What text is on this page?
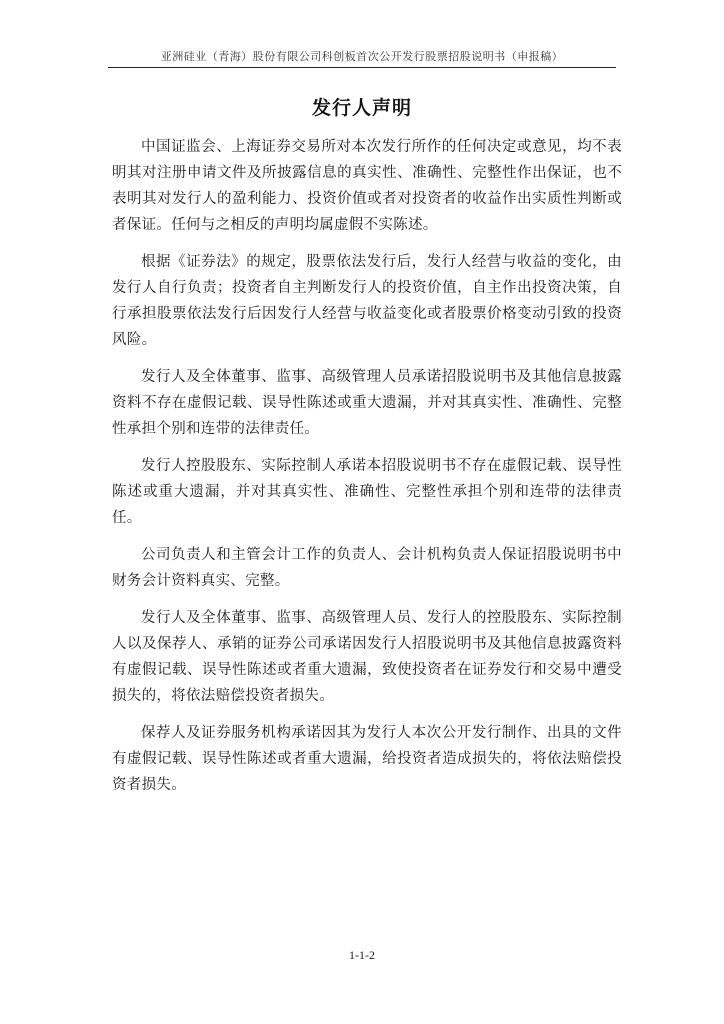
亚洲硅业（青海）股份有限公司科创板首次公开发行股票招股说明书（申报稿）
发行人声明

中国证监会、上海证券交易所对本次发行所作的任何决定或意见，均不表明其对注册申请文件及所披露信息的真实性、准确性、完整性作出保证，也不表明其对发行人的盈利能力、投资价值或者对投资者的收益作出实质性判断或者保证。任何与之相反的声明均属虚假不实陈述。

根据《证券法》的规定，股票依法发行后，发行人经营与收益的变化，由发行人自行负责；投资者自主判断发行人的投资价值，自主作出投资决策，自行承担股票依法发行后因发行人经营与收益变化或者股票价格变动引致的投资风险。

发行人及全体董事、监事、高级管理人员承诺招股说明书及其他信息披露资料不存在虚假记载、误导性陈述或重大遗漏，并对其真实性、准确性、完整性承担个别和连带的法律责任。

发行人控股股东、实际控制人承诺本招股说明书不存在虚假记载、误导性陈述或重大遗漏，并对其真实性、准确性、完整性承担个别和连带的法律责任。

公司负责人和主管会计工作的负责人、会计机构负责人保证招股说明书中财务会计资料真实、完整。

发行人及全体董事、监事、高级管理人员、发行人的控股股东、实际控制人以及保荐人、承销的证券公司承诺因发行人招股说明书及其他信息披露资料有虚假记载、误导性陈述或者重大遗漏，致使投资者在证券发行和交易中遭受损失的，将依法赔偿投资者损失。

保荐人及证券服务机构承诺因其为发行人本次公开发行制作、出具的文件有虚假记载、误导性陈述或者重大遗漏，给投资者造成损失的，将依法赔偿投资者损失。

1-1-2
